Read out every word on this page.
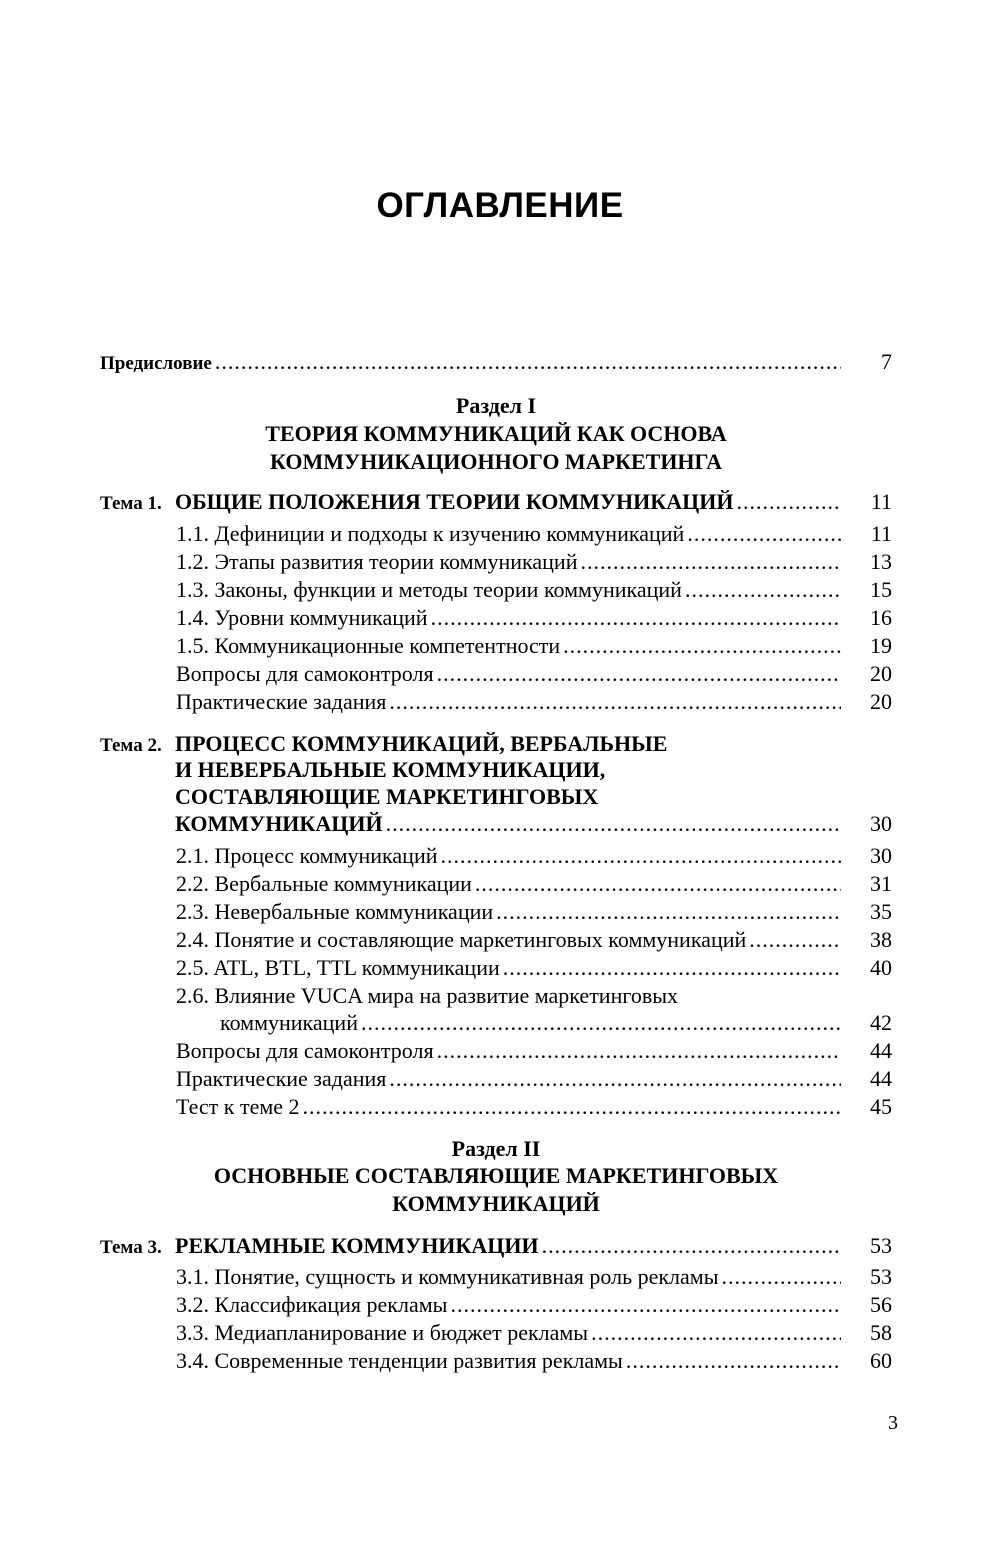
ОГЛАВЛЕНИЕ
Предисловие .....	7
Раздел I
ТЕОРИЯ КОММУНИКАЦИЙ КАК ОСНОВА
КОММУНИКАЦИОННОГО МАРКЕТИНГА
Тема 1. ОБЩИЕ ПОЛОЖЕНИЯ ТЕОРИИ КОММУНИКАЦИЙ .....	11
1.1. Дефиниции и подходы к изучению коммуникаций .....	11
1.2. Этапы развития теории коммуникаций .....	13
1.3. Законы, функции и методы теории коммуникаций .....	15
1.4. Уровни коммуникаций .....	16
1.5. Коммуникационные компетентности .....	19
Вопросы для самоконтроля .....	20
Практические задания .....	20
Тема 2. ПРОЦЕСС КОММУНИКАЦИЙ, ВЕРБАЛЬНЫЕ
И НЕВЕРБАЛЬНЫЕ КОММУНИКАЦИИ,
СОСТАВЛЯЮЩИЕ МАРКЕТИНГОВЫХ
КОММУНИКАЦИЙ .....	30
2.1. Процесс коммуникаций .....	30
2.2. Вербальные коммуникации .....	31
2.3. Невербальные коммуникации .....	35
2.4. Понятие и составляющие маркетинговых коммуникаций .....	38
2.5. ATL, BTL, TTL коммуникации .....	40
2.6. Влияние VUCA мира на развитие маркетинговых
коммуникаций .....	42
Вопросы для самоконтроля .....	44
Практические задания .....	44
Тест к теме 2 .....	45
Раздел II
ОСНОВНЫЕ СОСТАВЛЯЮЩИЕ МАРКЕТИНГОВЫХ
КОММУНИКАЦИЙ
Тема 3. РЕКЛАМНЫЕ КОММУНИКАЦИИ .....	53
3.1. Понятие, сущность и коммуникативная роль рекламы .....	53
3.2. Классификация рекламы .....	56
3.3. Медиапланирование и бюджет рекламы .....	58
3.4. Современные тенденции развития рекламы .....	60
3
